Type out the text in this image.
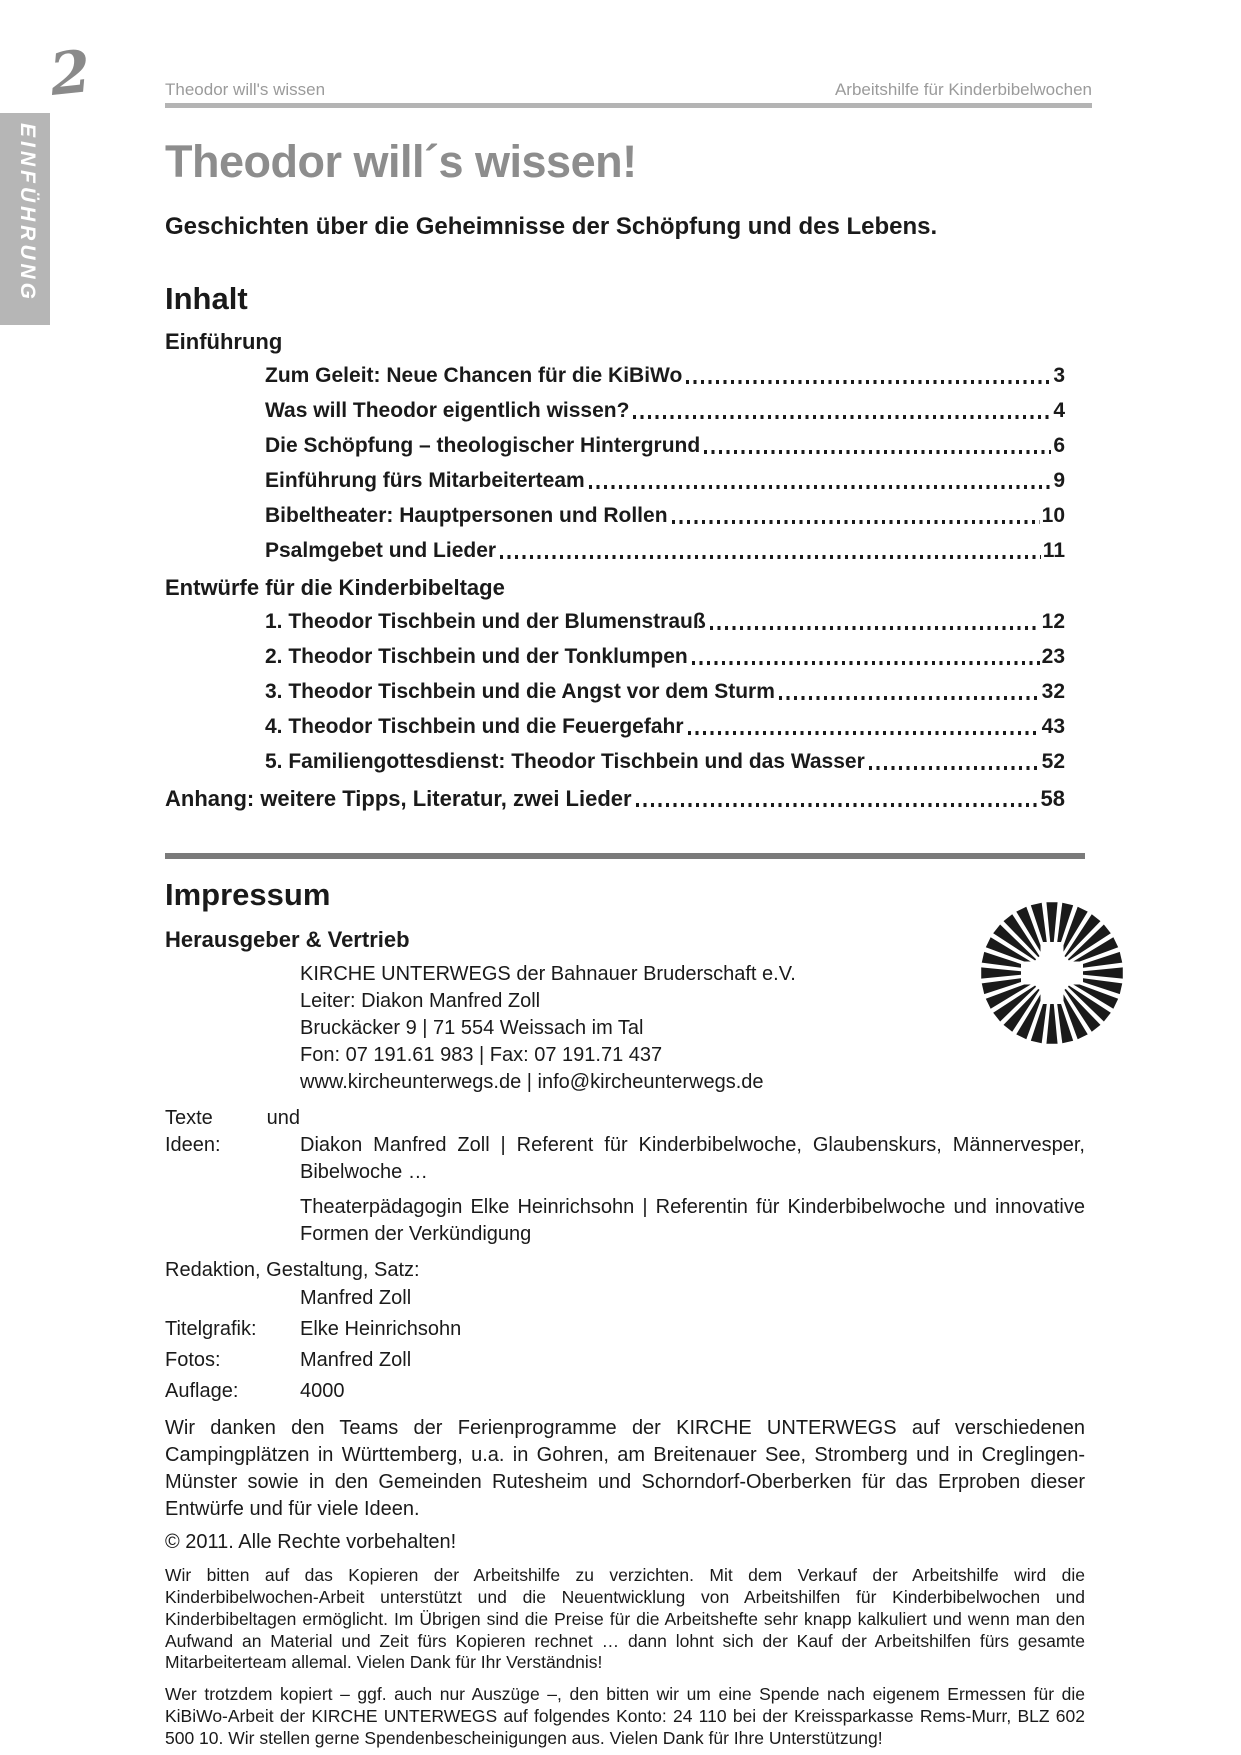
EINFÜHRUNG
2	Theodor will's wissen	Arbeitshilfe für Kinderbibelwochen
Theodor will´s wissen!

Geschichten über die Geheimnisse der Schöpfung und des Lebens.

Inhalt
Einführung
Zum Geleit: Neue Chancen für die KiBiWo	3
Was will Theodor eigentlich wissen?	4
Die Schöpfung – theologischer Hintergrund	6
Einführung fürs Mitarbeiterteam	9
Bibeltheater: Hauptpersonen und Rollen	10
Psalmgebet und Lieder	11
Entwürfe für die Kinderbibeltage
1. Theodor Tischbein und der Blumenstrauß	12
2. Theodor Tischbein und der Tonklumpen	23
3. Theodor Tischbein und die Angst vor dem Sturm	32
4. Theodor Tischbein und die Feuergefahr	43
5. Familiengottesdienst: Theodor Tischbein und das Wasser	52
Anhang: weitere Tipps, Literatur, zwei Lieder	58
Impressum
Herausgeber & Vertrieb
KIRCHE UNTERWEGS der Bahnauer Bruderschaft e.V.
Leiter: Diakon Manfred Zoll
Bruckäcker 9 | 71 554 Weissach im Tal
Fon: 07 191.61 983 | Fax: 07 191.71 437
www.kircheunterwegs.de | info@kircheunterwegs.de
Texte und Ideen:	Diakon Manfred Zoll | Referent für Kinderbibelwoche, Glaubenskurs, Männervesper, Bibelwoche …
Theaterpädagogin Elke Heinrichsohn | Referentin für Kinderbibelwoche und innovative Formen der Verkündigung
Redaktion, Gestaltung, Satz:
Manfred Zoll
Titelgrafik:	Elke Heinrichsohn
Fotos:	Manfred Zoll
Auflage:	4000

Wir danken den Teams der Ferienprogramme der KIRCHE UNTERWEGS auf verschiedenen Campingplätzen in Württemberg, u.a. in Gohren, am Breitenauer See, Stromberg und in Creglingen-Münster sowie in den Gemeinden Rutesheim und Schorndorf-Oberberken für das Erproben dieser Entwürfe und für viele Ideen.

© 2011. Alle Rechte vorbehalten!

Wir bitten auf das Kopieren der Arbeitshilfe zu verzichten. Mit dem Verkauf der Arbeitshilfe wird die Kinderbibelwochen-Arbeit unterstützt und die Neuentwicklung von Arbeitshilfen für Kinderbibelwochen und Kinderbibeltagen ermöglicht. Im Übrigen sind die Preise für die Arbeitshefte sehr knapp kalkuliert und wenn man den Aufwand an Material und Zeit fürs Kopieren rechnet … dann lohnt sich der Kauf der Arbeitshilfen fürs gesamte Mitarbeiterteam allemal. Vielen Dank für Ihr Verständnis!

Wer trotzdem kopiert – ggf. auch nur Auszüge –, den bitten wir um eine Spende nach eigenem Ermessen für die KiBiWo-Arbeit der KIRCHE UNTERWEGS auf folgendes Konto: 24 110 bei der Kreissparkasse Rems-Murr, BLZ 602 500 10. Wir stellen gerne Spendenbescheinigungen aus. Vielen Dank für Ihre Unterstützung!
